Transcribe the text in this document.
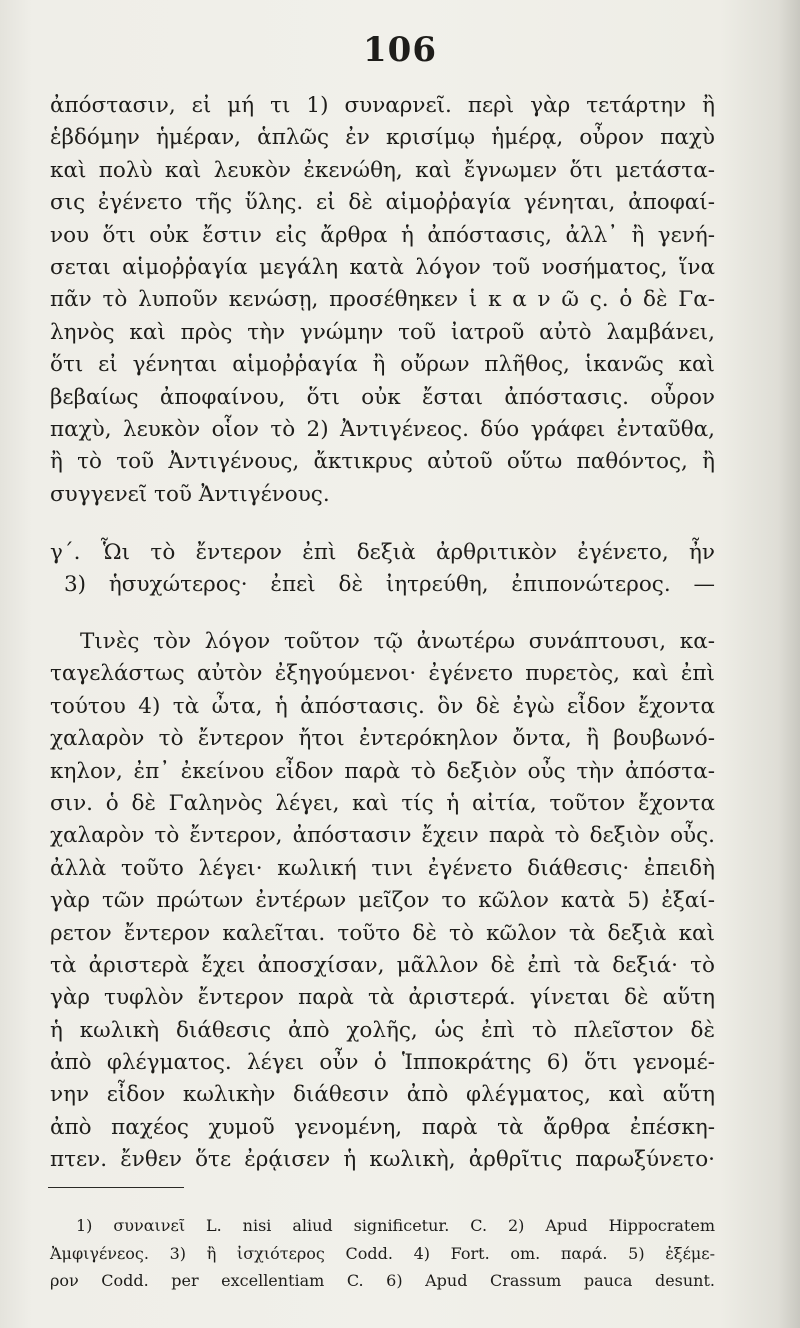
106
ἀπόστασιν, εἰ μή τι 1) συναρνεῖ. περὶ γὰρ τετάρτην ἢ
ἑβδόμην ἡμέραν, ἁπλῶς ἐν κρισίμῳ ἡμέρᾳ, οὖρον παχὺ
καὶ πολὺ καὶ λευκὸν ἐκενώθη, καὶ ἔγνωμεν ὅτι μετάστα-
σις ἐγένετο τῆς ὕλης. εἰ δὲ αἱμοῤῥαγία γένηται, ἀποφαί-
νου ὅτι οὐκ ἔστιν εἰς ἄρθρα ἡ ἀπόστασις, ἀλλ᾽ ἢ γενή-
σεται αἱμοῤῥαγία μεγάλη κατὰ λόγον τοῦ νοσήματος, ἵνα
πᾶν τὸ λυποῦν κενώσῃ, προσέθηκεν ἱ κ α ν ῶ ς. ὁ δὲ Γα-
ληνὸς καὶ πρὸς τὴν γνώμην τοῦ ἰατροῦ αὐτὸ λαμβάνει,
ὅτι εἰ γένηται αἱμοῤῥαγία ἢ οὔρων πλῆθος, ἱκανῶς καὶ
βεβαίως ἀποφαίνου, ὅτι οὐκ ἔσται ἀπόστασις. οὖρον
παχὺ, λευκὸν οἷον τὸ 2) Ἀντιγένεος. δύο γράφει ἐνταῦθα,
ἢ τὸ τοῦ Ἀντιγένους, ἄκτικρυς αὐτοῦ οὕτω παθόντος, ἢ
συγγενεῖ τοῦ Ἀντιγένους.
γ΄. Ὧι τὸ ἔντερον ἐπὶ δεξιὰ ἀρθριτικὸν ἐγένετο, ἦν
3) ἡσυχώτερος· ἐπεὶ δὲ ἰητρεύθη, ἐπιπονώτερος. —
Τινὲς τὸν λόγον τοῦτον τῷ ἀνωτέρω συνάπτουσι, κα-
ταγελάστως αὐτὸν ἐξηγούμενοι· ἐγένετο πυρετὸς, καὶ ἐπὶ
τούτου 4) τὰ ὦτα, ἡ ἀπόστασις. ὃν δὲ ἐγὼ εἶδον ἔχοντα
χαλαρὸν τὸ ἔντερον ἤτοι ἐντερόκηλον ὄντα, ἢ βουβωνό-
κηλον, ἐπ᾽ ἐκείνου εἶδον παρὰ τὸ δεξιὸν οὖς τὴν ἀπόστα-
σιν. ὁ δὲ Γαληνὸς λέγει, καὶ τίς ἡ αἰτία, τοῦτον ἔχοντα
χαλαρὸν τὸ ἔντερον, ἀπόστασιν ἔχειν παρὰ τὸ δεξιὸν οὖς.
ἀλλὰ τοῦτο λέγει· κωλική τινι ἐγένετο διάθεσις· ἐπειδὴ
γὰρ τῶν πρώτων ἐντέρων μεῖζον το κῶλον κατὰ 5) ἐξαί-
ρετον ἔντερον καλεῖται. τοῦτο δὲ τὸ κῶλον τὰ δεξιὰ καὶ
τὰ ἀριστερὰ ἔχει ἀποσχίσαν, μᾶλλον δὲ ἐπὶ τὰ δεξιά· τὸ
γὰρ τυφλὸν ἔντερον παρὰ τὰ ἀριστερά. γίνεται δὲ αὕτη
ἡ κωλικὴ διάθεσις ἀπὸ χολῆς, ὡς ἐπὶ τὸ πλεῖστον δὲ
ἀπὸ φλέγματος. λέγει οὖν ὁ Ἱπποκράτης 6) ὅτι γενομέ-
νην εἶδον κωλικὴν διάθεσιν ἀπὸ φλέγματος, καὶ αὕτη
ἀπὸ παχέος χυμοῦ γενομένη, παρὰ τὰ ἄρθρα ἐπέσκη-
πτεν. ἔνθεν ὅτε ἐρᾴισεν ἡ κωλικὴ, ἀρθρῖτις παρωξύνετο·
1) συναινεῖ L. nisi aliud significetur. C. 2) Apud Hippocratem
Ἀμφιγένεος. 3) ἢ ἰσχιότερος Codd. 4) Fort. om. παρά. 5) ἐξέμε-
ρον Codd. per excellentiam C. 6) Apud Crassum pauca desunt.
